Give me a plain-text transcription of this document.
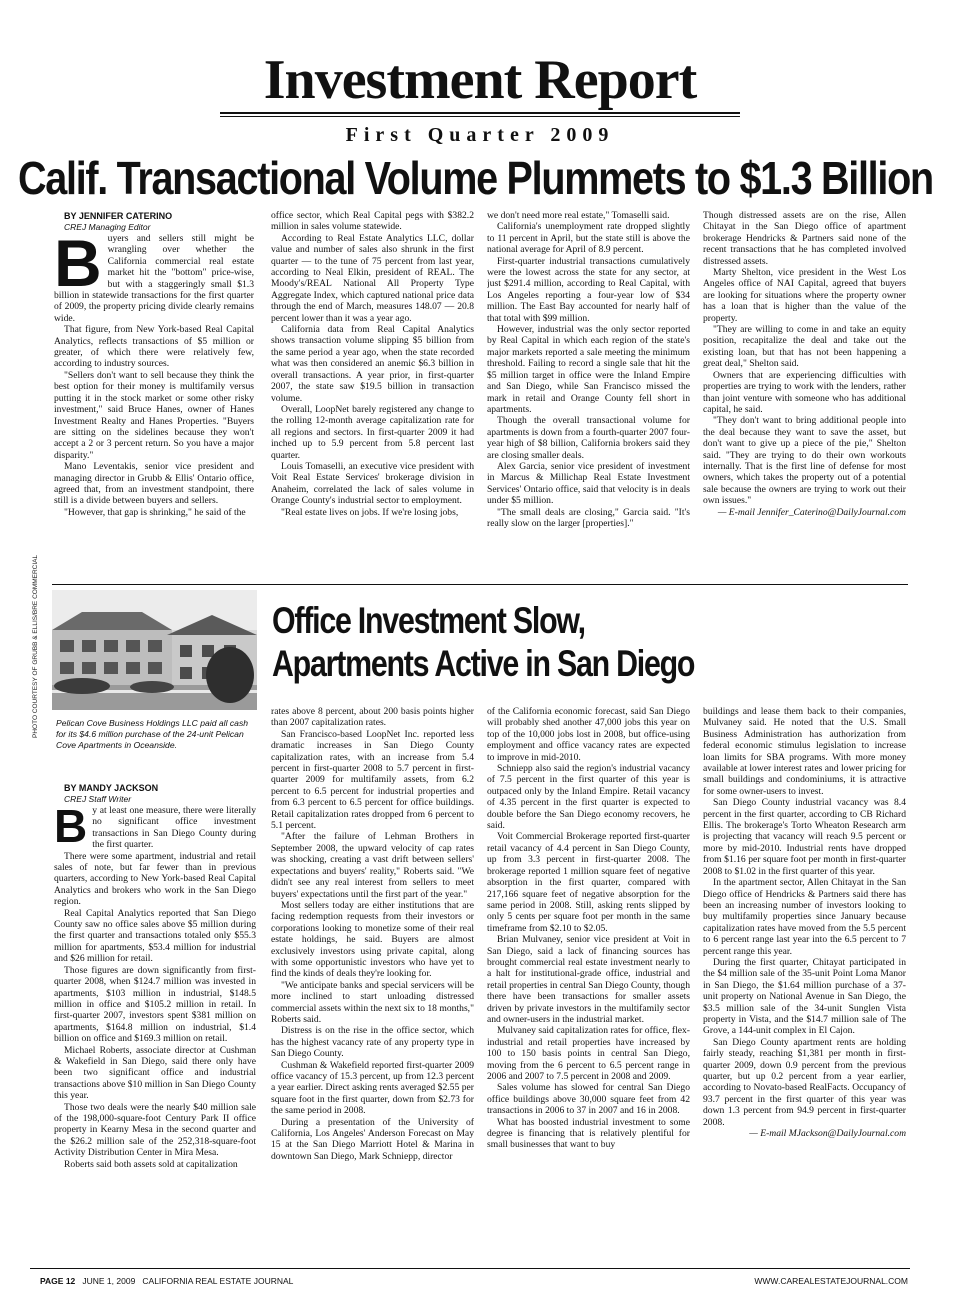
Investment Report
First Quarter 2009
Calif. Transactional Volume Plummets to $1.3 Billion

BY JENNIFER CATERINO

CREJ Managing Editor

B uyers and sellers still might be wrangling over whether the California commercial real estate market hit the "bottom" price-wise, but with a staggeringly small $1.3 billion in statewide transactions for the first quarter of 2009, the property pricing divide clearly remains wide.

That figure, from New York-based Real Capital Analytics, reflects transactions of $5 million or greater, of which there were relatively few, according to industry sources.

"Sellers don't want to sell because they think the best option for their money is multifamily versus putting it in the stock market or some other risky investment," said Bruce Hanes, owner of Hanes Investment Realty and Hanes Properties. "Buyers are sitting on the sidelines because they won't accept a 2 or 3 percent return. So you have a major disparity."

Mano Leventakis, senior vice president and managing director in Grubb & Ellis' Ontario office, agreed that, from an investment standpoint, there still is a divide between buyers and sellers.

"However, that gap is shrinking," he said of the

office sector, which Real Capital pegs with $382.2 million in sales volume statewide.

According to Real Estate Analytics LLC, dollar value and number of sales also shrunk in the first quarter — to the tune of 75 percent from last year, according to Neal Elkin, president of REAL. The Moody's/REAL National All Property Type Aggregate Index, which captured national price data through the end of March, measures 148.07 — 20.8 percent lower than it was a year ago.

California data from Real Capital Analytics shows transaction volume slipping $5 billion from the same period a year ago, when the state recorded what was then considered an anemic $6.3 billion in overall transactions. A year prior, in first-quarter 2007, the state saw $19.5 billion in transaction volume.

Overall, LoopNet barely registered any change to the rolling 12-month average capitalization rate for all regions and sectors. In first-quarter 2009 it had inched up to 5.9 percent from 5.8 percent last quarter.

Louis Tomaselli, an executive vice president with Voit Real Estate Services' brokerage division in Anaheim, correlated the lack of sales volume in Orange County's industrial sector to employment.

"Real estate lives on jobs. If we're losing jobs,

we don't need more real estate," Tomaselli said.

California's unemployment rate dropped slightly to 11 percent in April, but the state still is above the national average for April of 8.9 percent.

First-quarter industrial transactions cumulatively were the lowest across the state for any sector, at just $291.4 million, according to Real Capital, with Los Angeles reporting a four-year low of $34 million. The East Bay accounted for nearly half of that total with $99 million.

However, industrial was the only sector reported by Real Capital in which each region of the state's major markets reported a sale meeting the minimum threshold. Failing to record a single sale that hit the $5 million target in office were the Inland Empire and San Diego, while San Francisco missed the mark in retail and Orange County fell short in apartments.

Though the overall transactional volume for apartments is down from a fourth-quarter 2007 four-year high of $8 billion, California brokers said they are closing smaller deals.

Alex Garcia, senior vice president of investment in Marcus & Millichap Real Estate Investment Services' Ontario office, said that velocity is in deals under $5 million.

"The small deals are closing," Garcia said. "It's really slow on the larger [properties]."

Though distressed assets are on the rise, Allen Chitayat in the San Diego office of apartment brokerage Hendricks & Partners said none of the recent transactions that he has completed involved distressed assets.

Marty Shelton, vice president in the West Los Angeles office of NAI Capital, agreed that buyers are looking for situations where the property owner has a loan that is higher than the value of the property.

"They are willing to come in and take an equity position, recapitalize the deal and take out the existing loan, but that has not been happening a great deal," Shelton said.

Owners that are experiencing difficulties with properties are trying to work with the lenders, rather than joint venture with someone who has additional capital, he said.

"They don't want to bring additional people into the deal because they want to save the asset, but don't want to give up a piece of the pie," Shelton said. "They are trying to do their own workouts internally. That is the first line of defense for most owners, which takes the property out of a potential sale because the owners are trying to work out their own issues."

— E-mail Jennifer_Caterino@DailyJournal.com

PHOTO COURTESY OF GRUBB & ELLIS/BRE COMMERCIAL	Pelican Cove Business Holdings LLC paid all cash for its $4.6 million purchase of the 24-unit Pelican Cove Apartments in Oceanside.
Office Investment Slow,
Apartments Active in San Diego

BY MANDY JACKSON

CREJ Staff Writer

B y at least one measure, there were literally no significant office investment transactions in San Diego County during the first quarter.

There were some apartment, industrial and retail sales of note, but far fewer than in previous quarters, according to New York-based Real Capital Analytics and brokers who work in the San Diego region.

Real Capital Analytics reported that San Diego County saw no office sales above $5 million during the first quarter and transactions totaled only $55.3 million for apartments, $53.4 million for industrial and $26 million for retail.

Those figures are down significantly from first-quarter 2008, when $124.7 million was invested in apartments, $103 million in industrial, $148.5 million in office and $105.2 million in retail. In first-quarter 2007, investors spent $381 million on apartments, $164.8 million on industrial, $1.4 billion on office and $169.3 million on retail.

Michael Roberts, associate director at Cushman & Wakefield in San Diego, said there only have been two significant office and industrial transactions above $10 million in San Diego County this year.

Those two deals were the nearly $40 million sale of the 198,000-square-foot Century Park II office property in Kearny Mesa in the second quarter and the $26.2 million sale of the 252,318-square-foot Activity Distribution Center in Mira Mesa.

Roberts said both assets sold at capitalization

rates above 8 percent, about 200 basis points higher than 2007 capitalization rates.

San Francisco-based LoopNet Inc. reported less dramatic increases in San Diego County capitalization rates, with an increase from 5.4 percent in first-quarter 2008 to 5.7 percent in first-quarter 2009 for multifamily assets, from 6.2 percent to 6.5 percent for industrial properties and from 6.3 percent to 6.5 percent for office buildings. Retail capitalization rates dropped from 6 percent to 5.1 percent.

"After the failure of Lehman Brothers in September 2008, the upward velocity of cap rates was shocking, creating a vast drift between sellers' expectations and buyers' reality," Roberts said. "We didn't see any real interest from sellers to meet buyers' expectations until the first part of the year."

Most sellers today are either institutions that are facing redemption requests from their investors or corporations looking to monetize some of their real estate holdings, he said. Buyers are almost exclusively investors using private capital, along with some opportunistic investors who have yet to find the kinds of deals they're looking for.

"We anticipate banks and special servicers will be more inclined to start unloading distressed commercial assets within the next six to 18 months," Roberts said.

Distress is on the rise in the office sector, which has the highest vacancy rate of any property type in San Diego County.

Cushman & Wakefield reported first-quarter 2009 office vacancy of 15.3 percent, up from 12.3 percent a year earlier. Direct asking rents averaged $2.55 per square foot in the first quarter, down from $2.73 for the same period in 2008.

During a presentation of the University of California, Los Angeles' Anderson Forecast on May 15 at the San Diego Marriott Hotel & Marina in downtown San Diego, Mark Schniepp, director

of the California economic forecast, said San Diego will probably shed another 47,000 jobs this year on top of the 10,000 jobs lost in 2008, but office-using employment and office vacancy rates are expected to improve in mid-2010.

Schniepp also said the region's industrial vacancy of 7.5 percent in the first quarter of this year is outpaced only by the Inland Empire. Retail vacancy of 4.35 percent in the first quarter is expected to double before the San Diego economy recovers, he said.

Voit Commercial Brokerage reported first-quarter retail vacancy of 4.4 percent in San Diego County, up from 3.3 percent in first-quarter 2008. The brokerage reported 1 million square feet of negative absorption in the first quarter, compared with 217,166 square feet of negative absorption for the same period in 2008. Still, asking rents slipped by only 5 cents per square foot per month in the same timeframe from $2.10 to $2.05.

Brian Mulvaney, senior vice president at Voit in San Diego, said a lack of financing sources has brought commercial real estate investment nearly to a halt for institutional-grade office, industrial and retail properties in central San Diego County, though there have been transactions for smaller assets driven by private investors in the multifamily sector and owner-users in the industrial market.

Mulvaney said capitalization rates for office, flex-industrial and retail properties have increased by 100 to 150 basis points in central San Diego, moving from the 6 percent to 6.5 percent range in 2006 and 2007 to 7.5 percent in 2008 and 2009.

Sales volume has slowed for central San Diego office buildings above 30,000 square feet from 42 transactions in 2006 to 37 in 2007 and 16 in 2008.

What has boosted industrial investment to some degree is financing that is relatively plentiful for small businesses that want to buy

buildings and lease them back to their companies, Mulvaney said. He noted that the U.S. Small Business Administration has authorization from federal economic stimulus legislation to increase loan limits for SBA programs. With more money available at lower interest rates and lower pricing for small buildings and condominiums, it is attractive for some owner-users to invest.

San Diego County industrial vacancy was 8.4 percent in the first quarter, according to CB Richard Ellis. The brokerage's Torto Wheaton Research arm is projecting that vacancy will reach 9.5 percent or more by mid-2010. Industrial rents have dropped from $1.16 per square foot per month in first-quarter 2008 to $1.02 in the first quarter of this year.

In the apartment sector, Allen Chitayat in the San Diego office of Hendricks & Partners said there has been an increasing number of investors looking to buy multifamily properties since January because capitalization rates have moved from the 5.5 percent to 6 percent range last year into the 6.5 percent to 7 percent range this year.

During the first quarter, Chitayat participated in the $4 million sale of the 35-unit Point Loma Manor in San Diego, the $1.64 million purchase of a 37-unit property on National Avenue in San Diego, the $3.5 million sale of the 34-unit Sunglen Vista property in Vista, and the $14.7 million sale of The Grove, a 144-unit complex in El Cajon.

San Diego County apartment rents are holding fairly steady, reaching $1,381 per month in first-quarter 2009, down 0.9 percent from the previous quarter, but up 0.2 percent from a year earlier, according to Novato-based RealFacts. Occupancy of 93.7 percent in the first quarter of this year was down 1.3 percent from 94.9 percent in first-quarter 2008.

— E-mail MJackson@DailyJournal.com

PAGE 12 JUNE 1, 2009 CALIFORNIA REAL ESTATE JOURNAL	WWW.CAREALESTATEJOURNAL.COM
